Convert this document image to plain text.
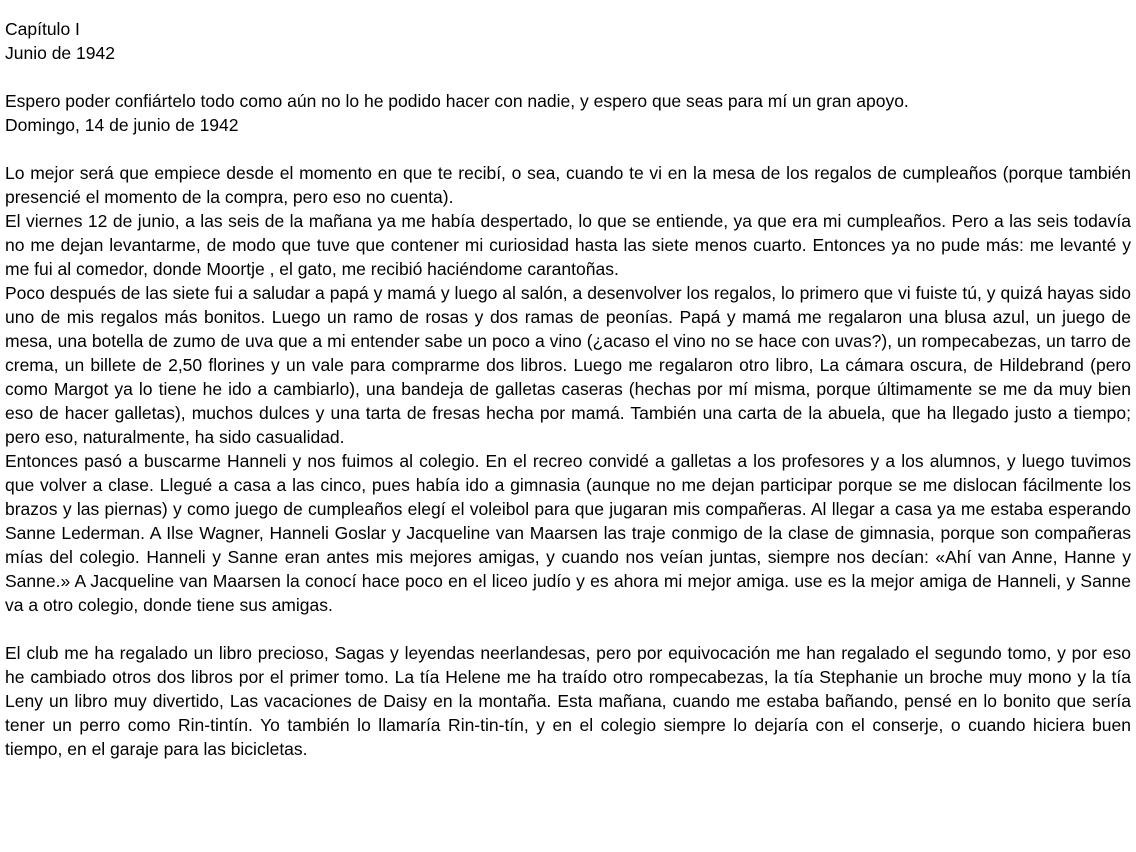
Capítulo I

Junio de 1942

Espero poder confiártelo todo como aún no lo he podido hacer con nadie, y espero que seas para mí un gran apoyo.

Domingo, 14 de junio de 1942

Lo mejor será que empiece desde el momento en que te recibí, o sea, cuando te vi en la mesa de los regalos de cumpleaños (porque también presencié el momento de la compra, pero eso no cuenta).

El viernes 12 de junio, a las seis de la mañana ya me había despertado, lo que se entiende, ya que era mi cumpleaños. Pero a las seis todavía no me dejan levantarme, de modo que tuve que contener mi curiosidad hasta las siete menos cuarto. Entonces ya no pude más: me levanté y me fui al comedor, donde Moortje , el gato, me recibió haciéndome carantoñas.

Poco después de las siete fui a saludar a papá y mamá y luego al salón, a desenvolver los regalos, lo primero que vi fuiste tú, y quizá hayas sido uno de mis regalos más bonitos. Luego un ramo de rosas y dos ramas de peonías. Papá y mamá me regalaron una blusa azul, un juego de mesa, una botella de zumo de uva que a mi entender sabe un poco a vino (¿acaso el vino no se hace con uvas?), un rompecabezas, un tarro de crema, un billete de 2,50 florines y un vale para comprarme dos libros. Luego me regalaron otro libro, La cámara oscura, de Hildebrand (pero como Margot ya lo tiene he ido a cambiarlo), una bandeja de galletas caseras (hechas por mí misma, porque últimamente se me da muy bien eso de hacer galletas), muchos dulces y una tarta de fresas hecha por mamá. También una carta de la abuela, que ha llegado justo a tiempo; pero eso, naturalmente, ha sido casualidad.

Entonces pasó a buscarme Hanneli y nos fuimos al colegio. En el recreo convidé a galletas a los profesores y a los alumnos, y luego tuvimos que volver a clase. Llegué a casa a las cinco, pues había ido a gimnasia (aunque no me dejan participar porque se me dislocan fácilmente los brazos y las piernas) y como juego de cumpleaños elegí el voleibol para que jugaran mis compañeras. Al llegar a casa ya me estaba esperando Sanne Lederman. A Ilse Wagner, Hanneli Goslar y Jacqueline van Maarsen las traje conmigo de la clase de gimnasia, porque son compañeras mías del colegio. Hanneli y Sanne eran antes mis mejores amigas, y cuando nos veían juntas, siempre nos decían: «Ahí van Anne, Hanne y Sanne.» A Jacqueline van Maarsen la conocí hace poco en el liceo judío y es ahora mi mejor amiga. use es la mejor amiga de Hanneli, y Sanne va a otro colegio, donde tiene sus amigas.

El club me ha regalado un libro precioso, Sagas y leyendas neerlandesas, pero por equivocación me han regalado el segundo tomo, y por eso he cambiado otros dos libros por el primer tomo. La tía Helene me ha traído otro rompecabezas, la tía Stephanie un broche muy mono y la tía Leny un libro muy divertido, Las vacaciones de Daisy en la montaña. Esta mañana, cuando me estaba bañando, pensé en lo bonito que sería tener un perro como Rin-tintín. Yo también lo llamaría Rin-tin-tín, y en el colegio siempre lo dejaría con el conserje, o cuando hiciera buen tiempo, en el garaje para las bicicletas.
